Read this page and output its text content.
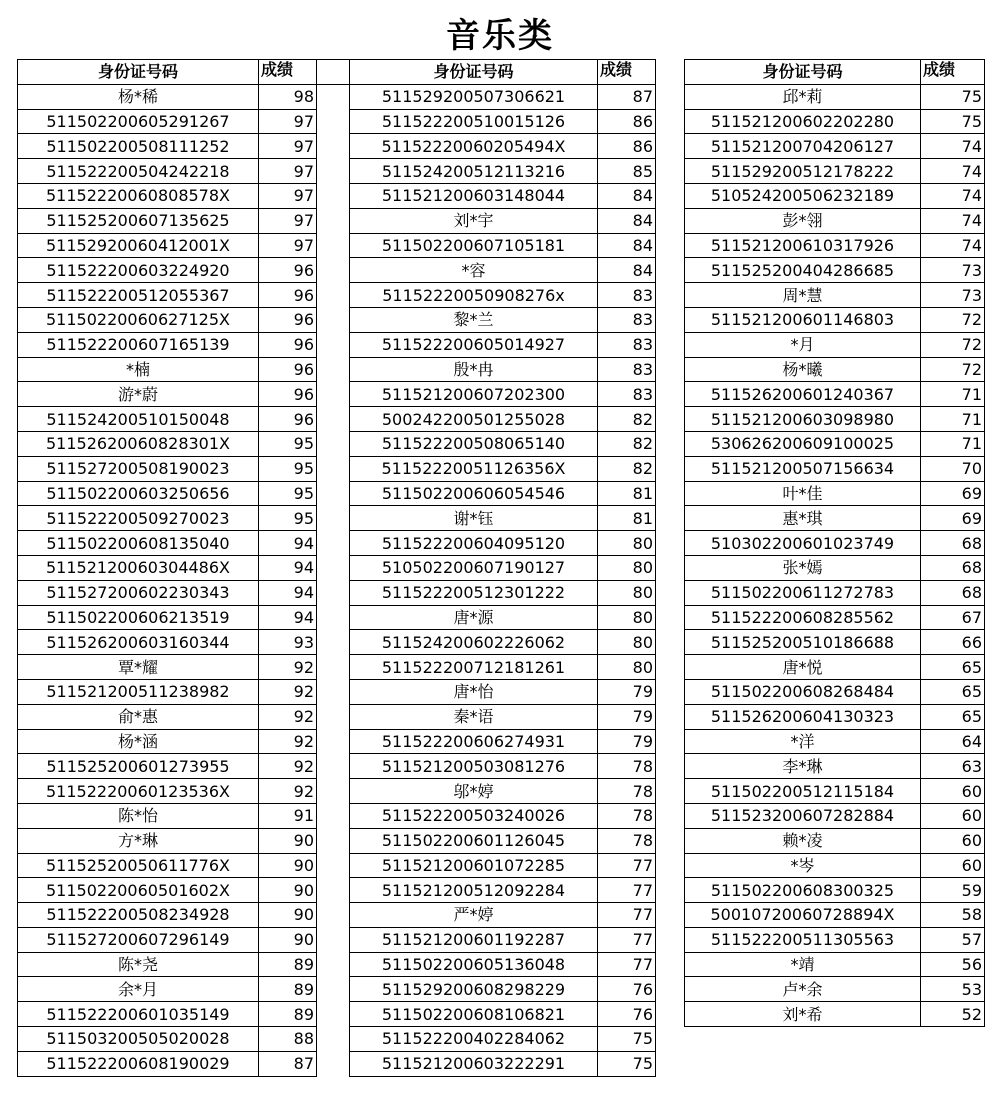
音乐类
身份证号码	成绩	
杨*稀	98	
511502200605291267	97	
511502200508111252	97	
511522200504242218	97	
51152220060808578X	97	
511525200607135625	97	
51152920060412001X	97	
511522200603224920	96	
511522200512055367	96	
51150220060627125X	96	
511522200607165139	96	
*楠	96	
游*蔚	96	
511524200510150048	96	
51152620060828301X	95	
511527200508190023	95	
511502200603250656	95	
511522200509270023	95	
511502200608135040	94	
51152120060304486X	94	
511527200602230343	94	
511502200606213519	94	
511526200603160344	93	
覃*耀	92	
511521200511238982	92	
俞*惠	92	
杨*涵	92	
511525200601273955	92	
51152220060123536X	92	
陈*怡	91	
方*琳	90	
51152520050611776X	90	
51150220060501602X	90	
511522200508234928	90	
511527200607296149	90	
陈*尧	89	
余*月	89	
511522200601035149	89	
511503200505020028	88	
511522200608190029	87	
身份证号码	成绩
511529200507306621	87
511522200510015126	86
51152220060205494X	86
511524200512113216	85
511521200603148044	84
刘*宇	84
511502200607105181	84
*容	84
51152220050908276x	83
黎*兰	83
511522200605014927	83
殷*冉	83
511521200607202300	83
500242200501255028	82
511522200508065140	82
51152220051126356X	82
511502200606054546	81
谢*钰	81
511522200604095120	80
510502200607190127	80
511522200512301222	80
唐*源	80
511524200602226062	80
511522200712181261	80
唐*怡	79
秦*语	79
511522200606274931	79
511521200503081276	78
邬*婷	78
511522200503240026	78
511502200601126045	78
511521200601072285	77
511521200512092284	77
严*婷	77
511521200601192287	77
511502200605136048	77
511529200608298229	76
511502200608106821	76
511522200402284062	75
511521200603222291	75
身份证号码	成绩
邱*莉	75
511521200602202280	75
511521200704206127	74
511529200512178222	74
510524200506232189	74
彭*翎	74
511521200610317926	74
511525200404286685	73
周*慧	73
511521200601146803	72
*月	72
杨*曦	72
511526200601240367	71
511521200603098980	71
530626200609100025	71
511521200507156634	70
叶*佳	69
惠*琪	69
510302200601023749	68
张*嫣	68
511502200611272783	68
511522200608285562	67
511525200510186688	66
唐*悦	65
511502200608268484	65
511526200604130323	65
*洋	64
李*琳	63
511502200512115184	60
511523200607282884	60
赖*凌	60
*岑	60
511502200608300325	59
50010720060728894X	58
511522200511305563	57
*靖	56
卢*余	53
刘*希	52
